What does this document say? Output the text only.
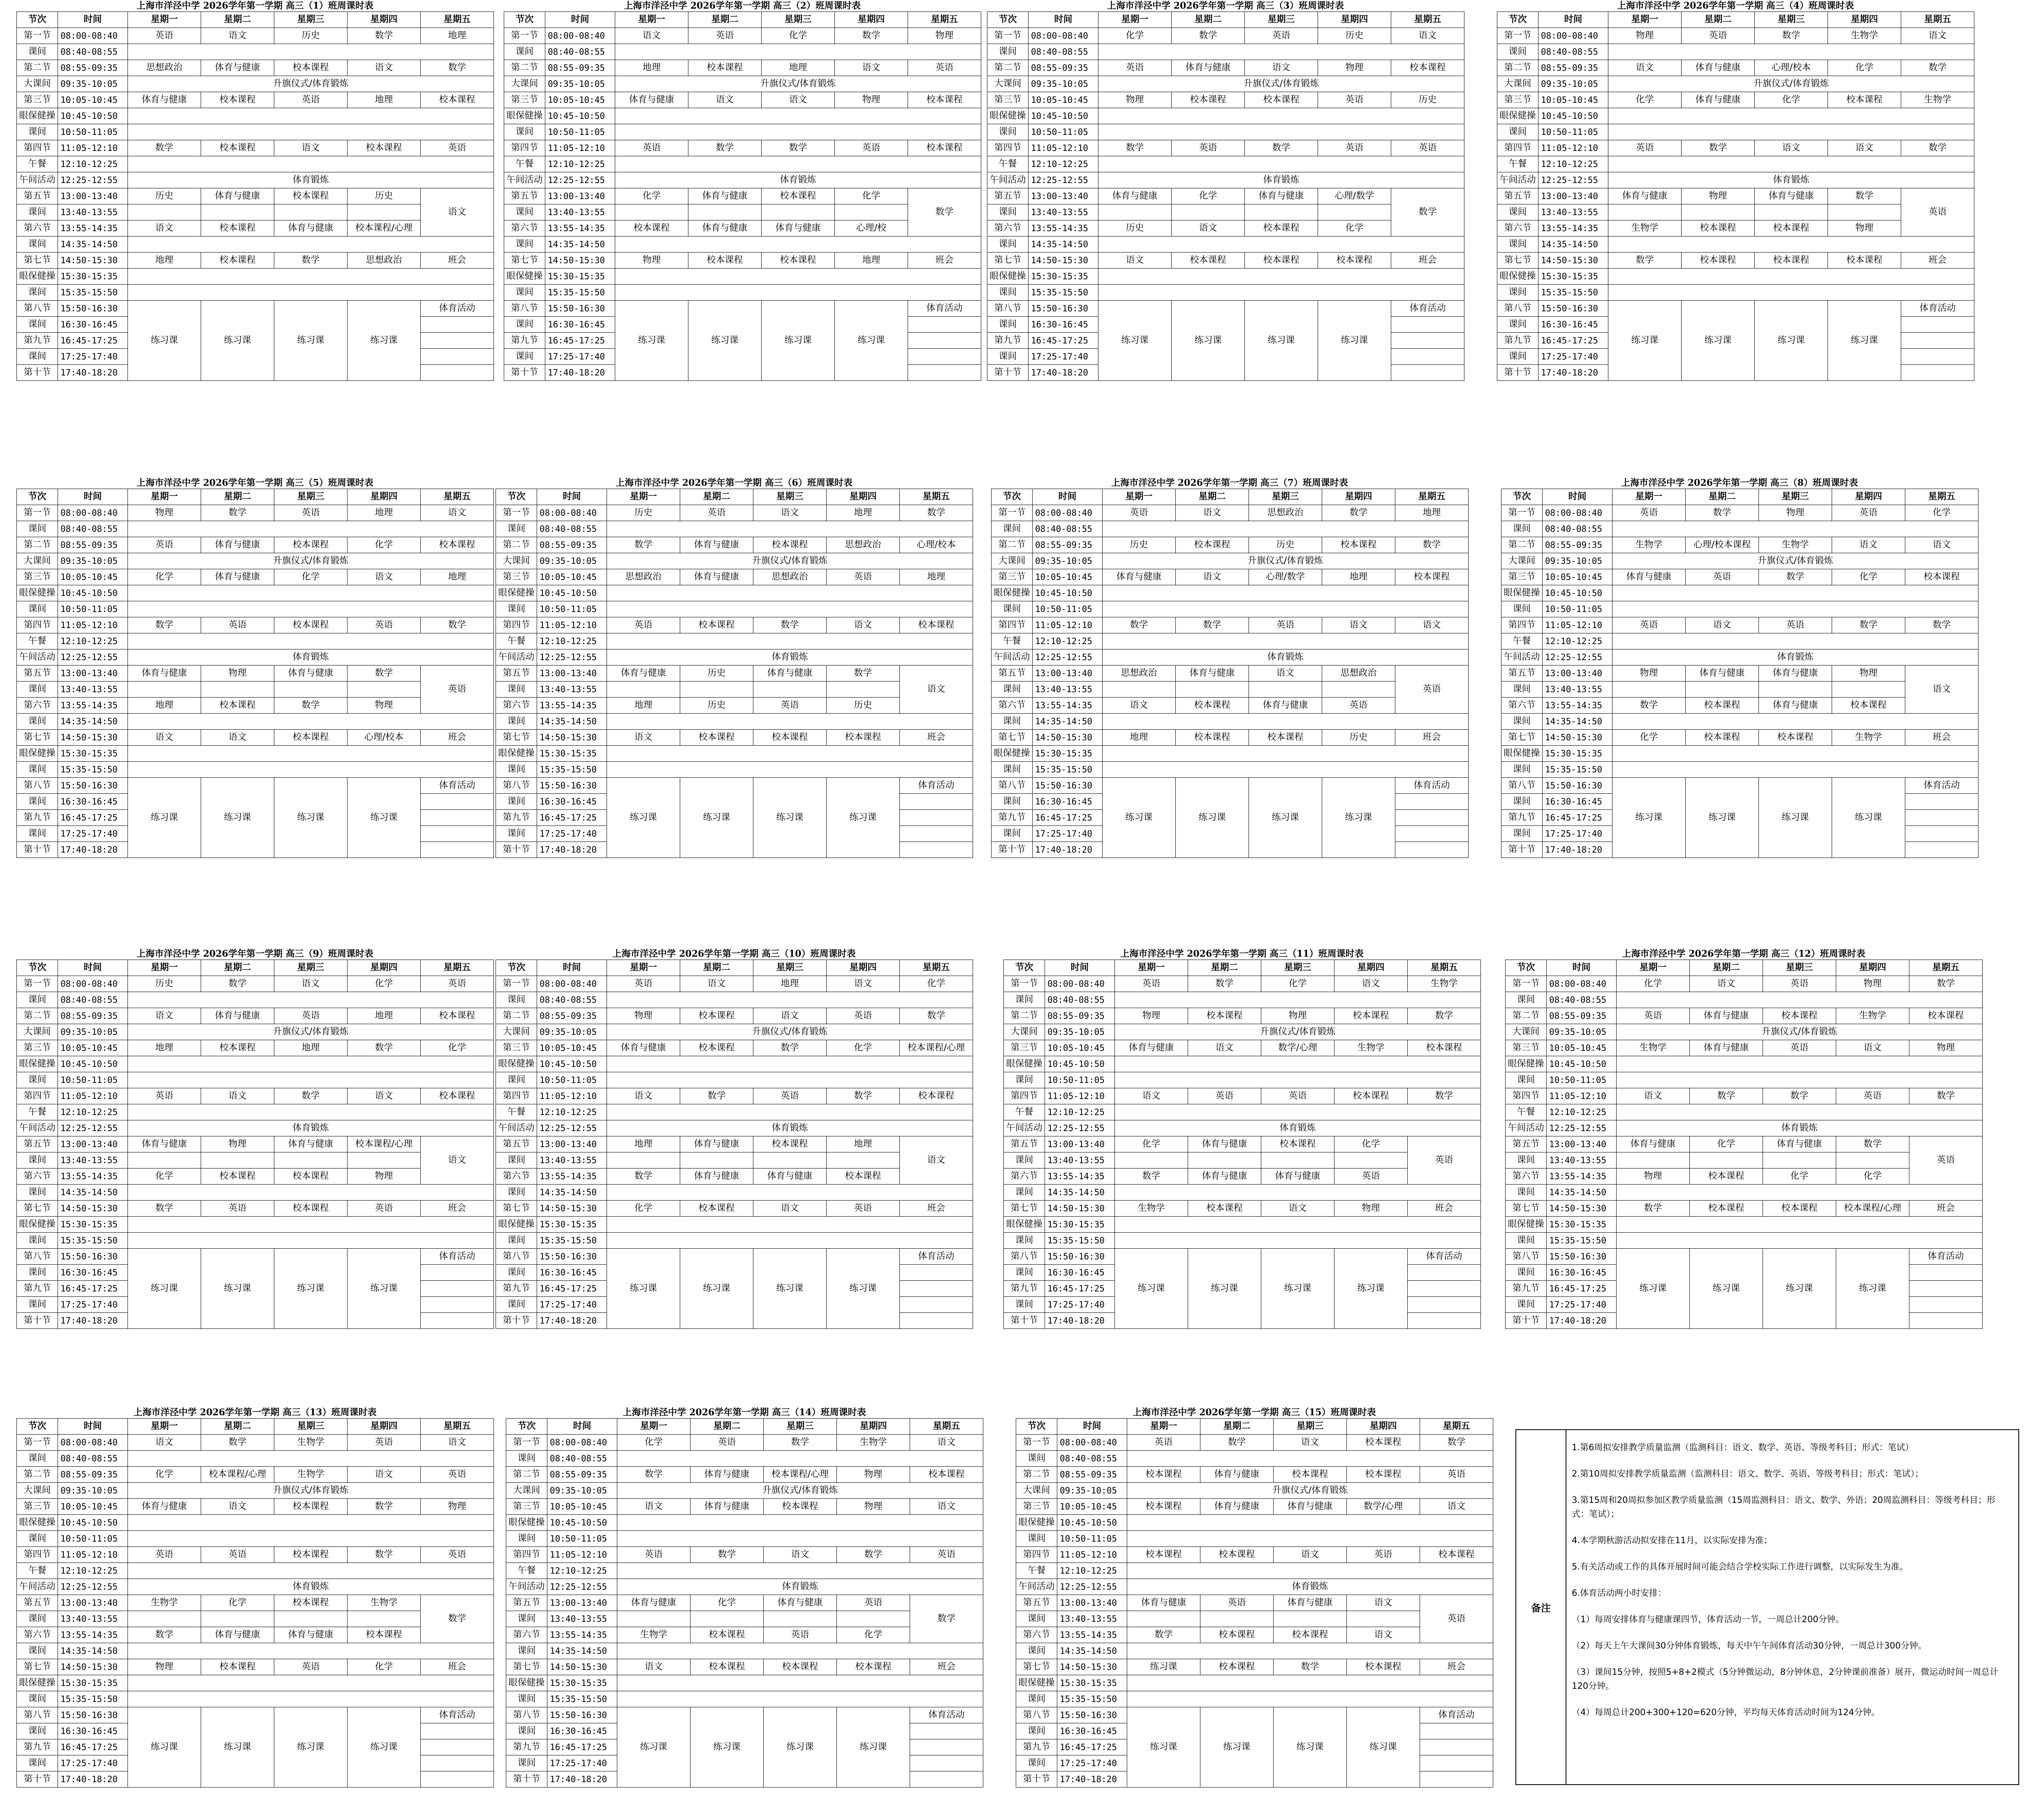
上海市洋泾中学 2026学年第一学期 高三（1）班周课时表
节次	时间	星期一	星期二	星期三	星期四	星期五
第一节	08:00-08:40	英语	语文	历史	数学	地理
课间	08:40-08:55					
第二节	08:55-09:35	思想政治	体育与健康	校本课程	语文	数学
大课间	09:35-10:05	升旗仪式/体育锻炼				
第三节	10:05-10:45	体育与健康	校本课程	英语	地理	校本课程
眼保健操	10:45-10:50					
课间	10:50-11:05					
第四节	11:05-12:10	数学	校本课程	语文	校本课程	英语
午餐	12:10-12:25					
午间活动	12:25-12:55	体育锻炼				
第五节	13:00-13:40	历史	体育与健康	校本课程	历史	语文
课间	13:40-13:55					
第六节	13:55-14:35	语文	校本课程	体育与健康	校本课程/心理	
课间	14:35-14:50					
第七节	14:50-15:30	地理	校本课程	数学	思想政治	班会
眼保健操	15:30-15:35					
课间	15:35-15:50					
第八节	15:50-16:30	练习课	练习课	练习课	练习课	体育活动
课间	16:30-16:45					
第九节	16:45-17:25					
课间	17:25-17:40					
第十节	17:40-18:20					
上海市洋泾中学 2026学年第一学期 高三（2）班周课时表
节次	时间	星期一	星期二	星期三	星期四	星期五
第一节	08:00-08:40	语文	英语	化学	数学	物理
课间	08:40-08:55					
第二节	08:55-09:35	地理	校本课程	地理	语文	英语
大课间	09:35-10:05	升旗仪式/体育锻炼				
第三节	10:05-10:45	体育与健康	语文	语文	物理	校本课程
眼保健操	10:45-10:50					
课间	10:50-11:05					
第四节	11:05-12:10	英语	数学	数学	英语	校本课程
午餐	12:10-12:25					
午间活动	12:25-12:55	体育锻炼				
第五节	13:00-13:40	化学	体育与健康	校本课程	化学	数学
课间	13:40-13:55					
第六节	13:55-14:35	校本课程	体育与健康	体育与健康	心理/校	
课间	14:35-14:50					
第七节	14:50-15:30	物理	校本课程	校本课程	地理	班会
眼保健操	15:30-15:35					
课间	15:35-15:50					
第八节	15:50-16:30	练习课	练习课	练习课	练习课	体育活动
课间	16:30-16:45					
第九节	16:45-17:25					
课间	17:25-17:40					
第十节	17:40-18:20					
上海市洋泾中学 2026学年第一学期 高三（3）班周课时表
节次	时间	星期一	星期二	星期三	星期四	星期五
第一节	08:00-08:40	化学	数学	英语	历史	语文
课间	08:40-08:55					
第二节	08:55-09:35	英语	体育与健康	语文	物理	校本课程
大课间	09:35-10:05	升旗仪式/体育锻炼				
第三节	10:05-10:45	物理	校本课程	校本课程	英语	历史
眼保健操	10:45-10:50					
课间	10:50-11:05					
第四节	11:05-12:10	数学	英语	数学	英语	英语
午餐	12:10-12:25					
午间活动	12:25-12:55	体育锻炼				
第五节	13:00-13:40	体育与健康	化学	体育与健康	心理/数学	数学
课间	13:40-13:55					
第六节	13:55-14:35	历史	语文	校本课程	化学	
课间	14:35-14:50					
第七节	14:50-15:30	语文	校本课程	校本课程	校本课程	班会
眼保健操	15:30-15:35					
课间	15:35-15:50					
第八节	15:50-16:30	练习课	练习课	练习课	练习课	体育活动
课间	16:30-16:45					
第九节	16:45-17:25					
课间	17:25-17:40					
第十节	17:40-18:20					
上海市洋泾中学 2026学年第一学期 高三（4）班周课时表
节次	时间	星期一	星期二	星期三	星期四	星期五
第一节	08:00-08:40	物理	英语	数学	生物学	语文
课间	08:40-08:55					
第二节	08:55-09:35	语文	体育与健康	心理/校本	化学	数学
大课间	09:35-10:05	升旗仪式/体育锻炼				
第三节	10:05-10:45	化学	体育与健康	化学	校本课程	生物学
眼保健操	10:45-10:50					
课间	10:50-11:05					
第四节	11:05-12:10	英语	数学	语文	语文	数学
午餐	12:10-12:25					
午间活动	12:25-12:55	体育锻炼				
第五节	13:00-13:40	体育与健康	物理	体育与健康	数学	英语
课间	13:40-13:55					
第六节	13:55-14:35	生物学	校本课程	校本课程	物理	
课间	14:35-14:50					
第七节	14:50-15:30	数学	校本课程	校本课程	校本课程	班会
眼保健操	15:30-15:35					
课间	15:35-15:50					
第八节	15:50-16:30	练习课	练习课	练习课	练习课	体育活动
课间	16:30-16:45					
第九节	16:45-17:25					
课间	17:25-17:40					
第十节	17:40-18:20					
上海市洋泾中学 2026学年第一学期 高三（5）班周课时表
节次	时间	星期一	星期二	星期三	星期四	星期五
第一节	08:00-08:40	物理	数学	英语	地理	语文
课间	08:40-08:55					
第二节	08:55-09:35	英语	体育与健康	校本课程	化学	校本课程
大课间	09:35-10:05	升旗仪式/体育锻炼				
第三节	10:05-10:45	化学	体育与健康	化学	语文	地理
眼保健操	10:45-10:50					
课间	10:50-11:05					
第四节	11:05-12:10	数学	英语	校本课程	英语	数学
午餐	12:10-12:25					
午间活动	12:25-12:55	体育锻炼				
第五节	13:00-13:40	体育与健康	物理	体育与健康	数学	英语
课间	13:40-13:55					
第六节	13:55-14:35	地理	校本课程	数学	物理	
课间	14:35-14:50					
第七节	14:50-15:30	语文	语文	校本课程	心理/校本	班会
眼保健操	15:30-15:35					
课间	15:35-15:50					
第八节	15:50-16:30	练习课	练习课	练习课	练习课	体育活动
课间	16:30-16:45					
第九节	16:45-17:25					
课间	17:25-17:40					
第十节	17:40-18:20					
上海市洋泾中学 2026学年第一学期 高三（6）班周课时表
节次	时间	星期一	星期二	星期三	星期四	星期五
第一节	08:00-08:40	历史	英语	语文	地理	数学
课间	08:40-08:55					
第二节	08:55-09:35	数学	体育与健康	校本课程	思想政治	心理/校本
大课间	09:35-10:05	升旗仪式/体育锻炼				
第三节	10:05-10:45	思想政治	体育与健康	思想政治	英语	地理
眼保健操	10:45-10:50					
课间	10:50-11:05					
第四节	11:05-12:10	英语	校本课程	数学	语文	校本课程
午餐	12:10-12:25					
午间活动	12:25-12:55	体育锻炼				
第五节	13:00-13:40	体育与健康	历史	体育与健康	数学	语文
课间	13:40-13:55					
第六节	13:55-14:35	地理	历史	英语	历史	
课间	14:35-14:50					
第七节	14:50-15:30	语文	校本课程	校本课程	校本课程	班会
眼保健操	15:30-15:35					
课间	15:35-15:50					
第八节	15:50-16:30	练习课	练习课	练习课	练习课	体育活动
课间	16:30-16:45					
第九节	16:45-17:25					
课间	17:25-17:40					
第十节	17:40-18:20					
上海市洋泾中学 2026学年第一学期 高三（7）班周课时表
节次	时间	星期一	星期二	星期三	星期四	星期五
第一节	08:00-08:40	英语	语文	思想政治	数学	地理
课间	08:40-08:55					
第二节	08:55-09:35	历史	校本课程	历史	校本课程	数学
大课间	09:35-10:05	升旗仪式/体育锻炼				
第三节	10:05-10:45	体育与健康	语文	心理/数学	地理	校本课程
眼保健操	10:45-10:50					
课间	10:50-11:05					
第四节	11:05-12:10	数学	数学	英语	语文	语文
午餐	12:10-12:25					
午间活动	12:25-12:55	体育锻炼				
第五节	13:00-13:40	思想政治	体育与健康	语文	思想政治	英语
课间	13:40-13:55					
第六节	13:55-14:35	语文	校本课程	体育与健康	英语	
课间	14:35-14:50					
第七节	14:50-15:30	地理	校本课程	校本课程	历史	班会
眼保健操	15:30-15:35					
课间	15:35-15:50					
第八节	15:50-16:30	练习课	练习课	练习课	练习课	体育活动
课间	16:30-16:45					
第九节	16:45-17:25					
课间	17:25-17:40					
第十节	17:40-18:20					
上海市洋泾中学 2026学年第一学期 高三（8）班周课时表
节次	时间	星期一	星期二	星期三	星期四	星期五
第一节	08:00-08:40	英语	数学	物理	英语	化学
课间	08:40-08:55					
第二节	08:55-09:35	生物学	心理/校本课程	生物学	语文	语文
大课间	09:35-10:05	升旗仪式/体育锻炼				
第三节	10:05-10:45	体育与健康	英语	数学	化学	校本课程
眼保健操	10:45-10:50					
课间	10:50-11:05					
第四节	11:05-12:10	英语	语文	英语	数学	数学
午餐	12:10-12:25					
午间活动	12:25-12:55	体育锻炼				
第五节	13:00-13:40	物理	体育与健康	体育与健康	物理	语文
课间	13:40-13:55					
第六节	13:55-14:35	数学	校本课程	体育与健康	校本课程	
课间	14:35-14:50					
第七节	14:50-15:30	化学	校本课程	校本课程	生物学	班会
眼保健操	15:30-15:35					
课间	15:35-15:50					
第八节	15:50-16:30	练习课	练习课	练习课	练习课	体育活动
课间	16:30-16:45					
第九节	16:45-17:25					
课间	17:25-17:40					
第十节	17:40-18:20					
上海市洋泾中学 2026学年第一学期 高三（9）班周课时表
节次	时间	星期一	星期二	星期三	星期四	星期五
第一节	08:00-08:40	历史	数学	语文	化学	英语
课间	08:40-08:55					
第二节	08:55-09:35	语文	体育与健康	英语	地理	校本课程
大课间	09:35-10:05	升旗仪式/体育锻炼				
第三节	10:05-10:45	地理	校本课程	地理	数学	化学
眼保健操	10:45-10:50					
课间	10:50-11:05					
第四节	11:05-12:10	英语	语文	数学	语文	校本课程
午餐	12:10-12:25					
午间活动	12:25-12:55	体育锻炼				
第五节	13:00-13:40	体育与健康	物理	体育与健康	校本课程/心理	语文
课间	13:40-13:55					
第六节	13:55-14:35	化学	校本课程	校本课程	物理	
课间	14:35-14:50					
第七节	14:50-15:30	数学	英语	校本课程	英语	班会
眼保健操	15:30-15:35					
课间	15:35-15:50					
第八节	15:50-16:30	练习课	练习课	练习课	练习课	体育活动
课间	16:30-16:45					
第九节	16:45-17:25					
课间	17:25-17:40					
第十节	17:40-18:20					
上海市洋泾中学 2026学年第一学期 高三（10）班周课时表
节次	时间	星期一	星期二	星期三	星期四	星期五
第一节	08:00-08:40	英语	语文	地理	语文	化学
课间	08:40-08:55					
第二节	08:55-09:35	物理	校本课程	语文	英语	数学
大课间	09:35-10:05	升旗仪式/体育锻炼				
第三节	10:05-10:45	体育与健康	校本课程	数学	化学	校本课程/心理
眼保健操	10:45-10:50					
课间	10:50-11:05					
第四节	11:05-12:10	语文	数学	英语	数学	校本课程
午餐	12:10-12:25					
午间活动	12:25-12:55	体育锻炼				
第五节	13:00-13:40	地理	体育与健康	校本课程	地理	语文
课间	13:40-13:55					
第六节	13:55-14:35	数学	体育与健康	体育与健康	校本课程	
课间	14:35-14:50					
第七节	14:50-15:30	化学	校本课程	语文	英语	班会
眼保健操	15:30-15:35					
课间	15:35-15:50					
第八节	15:50-16:30	练习课	练习课	练习课	练习课	体育活动
课间	16:30-16:45					
第九节	16:45-17:25					
课间	17:25-17:40					
第十节	17:40-18:20					
上海市洋泾中学 2026学年第一学期 高三（11）班周课时表
节次	时间	星期一	星期二	星期三	星期四	星期五
第一节	08:00-08:40	英语	数学	化学	语文	生物学
课间	08:40-08:55					
第二节	08:55-09:35	物理	校本课程	物理	校本课程	数学
大课间	09:35-10:05	升旗仪式/体育锻炼				
第三节	10:05-10:45	体育与健康	语文	数学/心理	生物学	校本课程
眼保健操	10:45-10:50					
课间	10:50-11:05					
第四节	11:05-12:10	语文	英语	英语	校本课程	数学
午餐	12:10-12:25					
午间活动	12:25-12:55	体育锻炼				
第五节	13:00-13:40	化学	体育与健康	校本课程	化学	英语
课间	13:40-13:55					
第六节	13:55-14:35	数学	体育与健康	体育与健康	英语	
课间	14:35-14:50					
第七节	14:50-15:30	生物学	校本课程	语文	物理	班会
眼保健操	15:30-15:35					
课间	15:35-15:50					
第八节	15:50-16:30	练习课	练习课	练习课	练习课	体育活动
课间	16:30-16:45					
第九节	16:45-17:25					
课间	17:25-17:40					
第十节	17:40-18:20					
上海市洋泾中学 2026学年第一学期 高三（12）班周课时表
节次	时间	星期一	星期二	星期三	星期四	星期五
第一节	08:00-08:40	化学	语文	英语	物理	数学
课间	08:40-08:55					
第二节	08:55-09:35	英语	体育与健康	校本课程	生物学	校本课程
大课间	09:35-10:05	升旗仪式/体育锻炼				
第三节	10:05-10:45	生物学	体育与健康	英语	语文	物理
眼保健操	10:45-10:50					
课间	10:50-11:05					
第四节	11:05-12:10	语文	数学	数学	英语	数学
午餐	12:10-12:25					
午间活动	12:25-12:55	体育锻炼				
第五节	13:00-13:40	体育与健康	化学	体育与健康	数学	英语
课间	13:40-13:55					
第六节	13:55-14:35	物理	校本课程	化学	化学	
课间	14:35-14:50					
第七节	14:50-15:30	数学	校本课程	校本课程	校本课程/心理	班会
眼保健操	15:30-15:35					
课间	15:35-15:50					
第八节	15:50-16:30	练习课	练习课	练习课	练习课	体育活动
课间	16:30-16:45					
第九节	16:45-17:25					
课间	17:25-17:40					
第十节	17:40-18:20					
上海市洋泾中学 2026学年第一学期 高三（13）班周课时表
节次	时间	星期一	星期二	星期三	星期四	星期五
第一节	08:00-08:40	语文	数学	生物学	英语	语文
课间	08:40-08:55					
第二节	08:55-09:35	化学	校本课程/心理	生物学	语文	英语
大课间	09:35-10:05	升旗仪式/体育锻炼				
第三节	10:05-10:45	体育与健康	语文	校本课程	数学	物理
眼保健操	10:45-10:50					
课间	10:50-11:05					
第四节	11:05-12:10	英语	英语	校本课程	数学	英语
午餐	12:10-12:25					
午间活动	12:25-12:55	体育锻炼				
第五节	13:00-13:40	生物学	化学	校本课程	生物学	数学
课间	13:40-13:55					
第六节	13:55-14:35	数学	体育与健康	体育与健康	校本课程	
课间	14:35-14:50					
第七节	14:50-15:30	物理	校本课程	英语	化学	班会
眼保健操	15:30-15:35					
课间	15:35-15:50					
第八节	15:50-16:30	练习课	练习课	练习课	练习课	体育活动
课间	16:30-16:45					
第九节	16:45-17:25					
课间	17:25-17:40					
第十节	17:40-18:20					
上海市洋泾中学 2026学年第一学期 高三（14）班周课时表
节次	时间	星期一	星期二	星期三	星期四	星期五
第一节	08:00-08:40	化学	英语	数学	生物学	语文
课间	08:40-08:55					
第二节	08:55-09:35	数学	体育与健康	校本课程/心理	物理	校本课程
大课间	09:35-10:05	升旗仪式/体育锻炼				
第三节	10:05-10:45	语文	体育与健康	校本课程	物理	语文
眼保健操	10:45-10:50					
课间	10:50-11:05					
第四节	11:05-12:10	英语	数学	语文	数学	英语
午餐	12:10-12:25					
午间活动	12:25-12:55	体育锻炼				
第五节	13:00-13:40	体育与健康	化学	体育与健康	英语	数学
课间	13:40-13:55					
第六节	13:55-14:35	生物学	校本课程	英语	化学	
课间	14:35-14:50					
第七节	14:50-15:30	语文	校本课程	校本课程	校本课程	班会
眼保健操	15:30-15:35					
课间	15:35-15:50					
第八节	15:50-16:30	练习课	练习课	练习课	练习课	体育活动
课间	16:30-16:45					
第九节	16:45-17:25					
课间	17:25-17:40					
第十节	17:40-18:20					
上海市洋泾中学 2026学年第一学期 高三（15）班周课时表
节次	时间	星期一	星期二	星期三	星期四	星期五
第一节	08:00-08:40	英语	数学	语文	校本课程	数学
课间	08:40-08:55					
第二节	08:55-09:35	校本课程	体育与健康	校本课程	校本课程	英语
大课间	09:35-10:05	升旗仪式/体育锻炼				
第三节	10:05-10:45	校本课程	体育与健康	体育与健康	数学/心理	语文
眼保健操	10:45-10:50					
课间	10:50-11:05					
第四节	11:05-12:10	校本课程	校本课程	语文	英语	校本课程
午餐	12:10-12:25					
午间活动	12:25-12:55	体育锻炼				
第五节	13:00-13:40	体育与健康	英语	体育与健康	语文	英语
课间	13:40-13:55					
第六节	13:55-14:35	数学	校本课程	校本课程	语文	
课间	14:35-14:50					
第七节	14:50-15:30	练习课	校本课程	数学	校本课程	班会
眼保健操	15:30-15:35					
课间	15:35-15:50					
第八节	15:50-16:30	练习课	练习课	练习课	练习课	体育活动
课间	16:30-16:45					
第九节	16:45-17:25					
课间	17:25-17:40					
第十节	17:40-18:20					
备注

1.第6周拟安排教学质量监测（监测科目：语文、数学、英语、等级考科目；形式：笔试）

2.第10周拟安排教学质量监测（监测科目：语文、数学、英语、等级考科目；形式：笔试）；

3.第15周和20周拟参加区教学质量监测（15周监测科目：语文、数学、外语；20周监测科目：等级考科目；形式：笔试）；

4.本学期秋游活动拟安排在11月，以实际安排为准；

5.有关活动或工作的具体开展时间可能会结合学校实际工作进行调整，以实际发生为准。

6.体育活动两小时安排：

（1）每周安排体育与健康课四节，体育活动一节，一周总计200分钟。

（2）每天上午大课间30分钟体育锻炼，每天中午午间体育活动30分钟，一周总计300分钟。

（3）课间15分钟，按照5+8+2模式（5分钟微运动，8分钟休息，2分钟课前准备）展开，微运动时间一周总计120分钟。

（4）每周总计200+300+120=620分钟，平均每天体育活动时间为124分钟。
